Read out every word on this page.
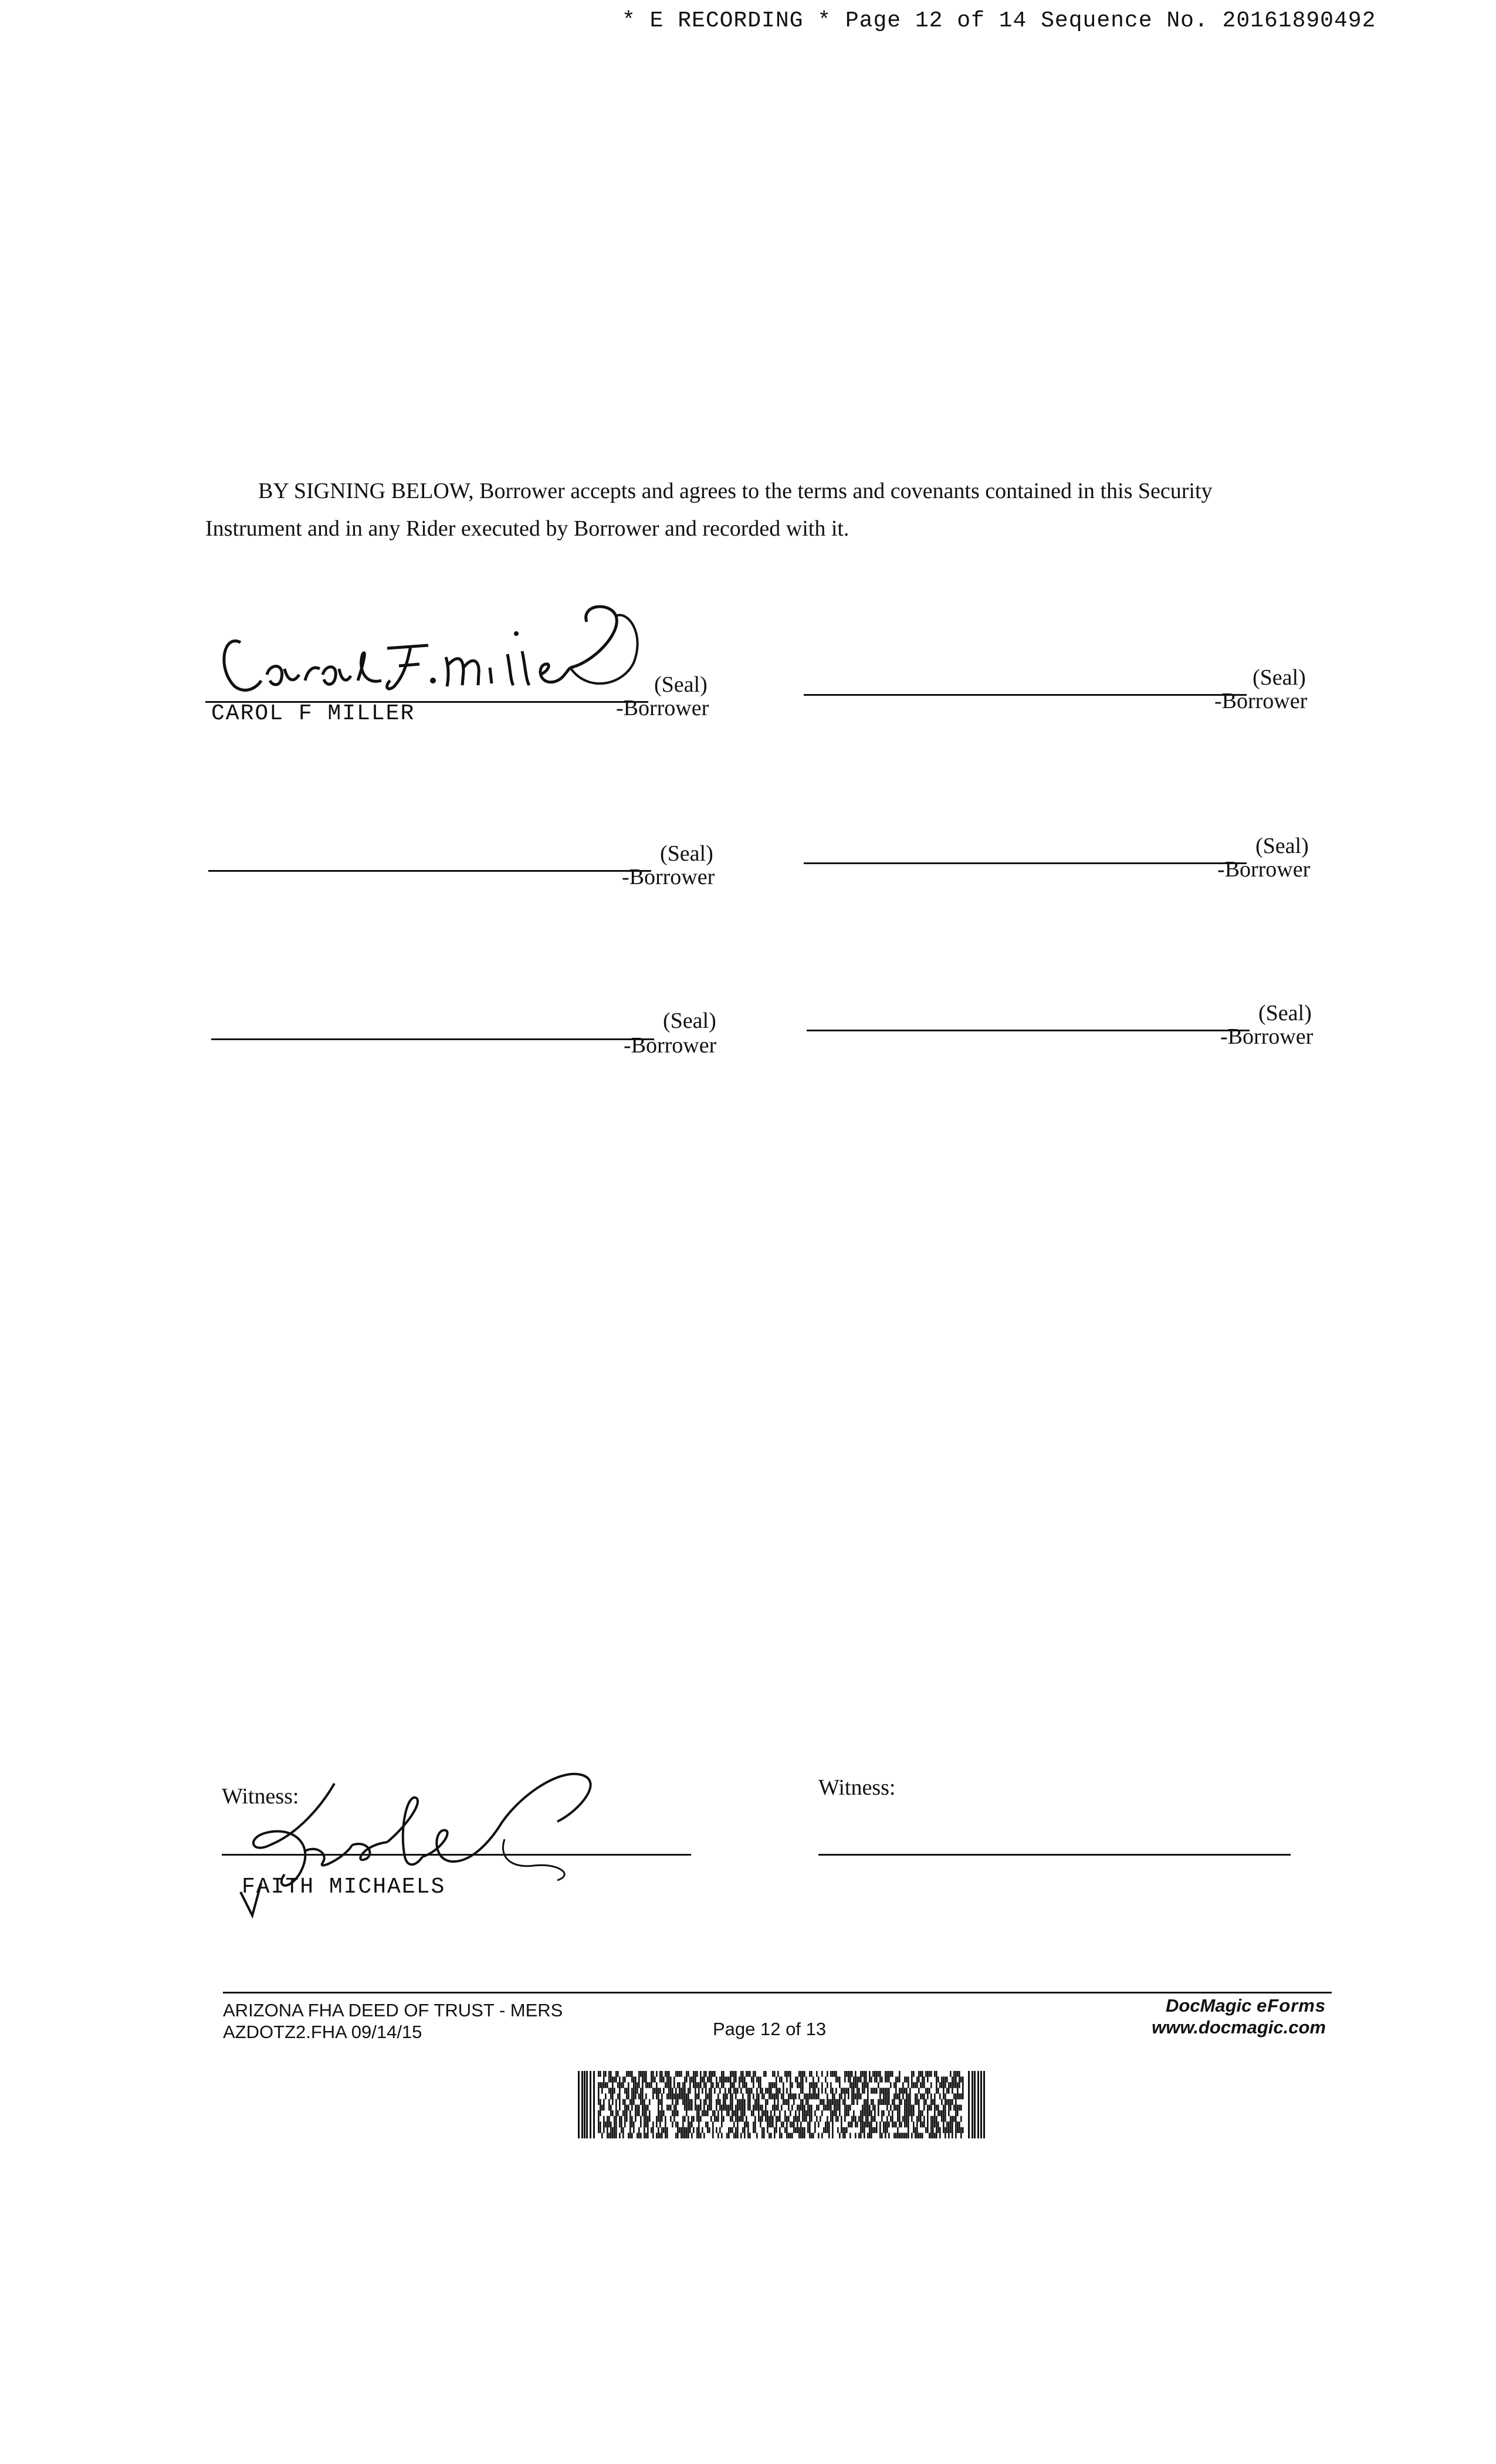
* E RECORDING * Page 12 of 14 Sequence No. 20161890492
BY SIGNING BELOW, Borrower accepts and agrees to the terms and covenants contained in this Security
Instrument and in any Rider executed by Borrower and recorded with it.
(Seal)
-Borrower
CAROL F MILLER
(Seal)
-Borrower
(Seal)
-Borrower
(Seal)
-Borrower
(Seal)
-Borrower
(Seal)
-Borrower
Witness:
FAITH MICHAELS
Witness:
ARIZONA FHA DEED OF TRUST - MERS
AZDOTZ2.FHA 09/14/15	Page 12 of 13
DocMagic eForms
www.docmagic.com
